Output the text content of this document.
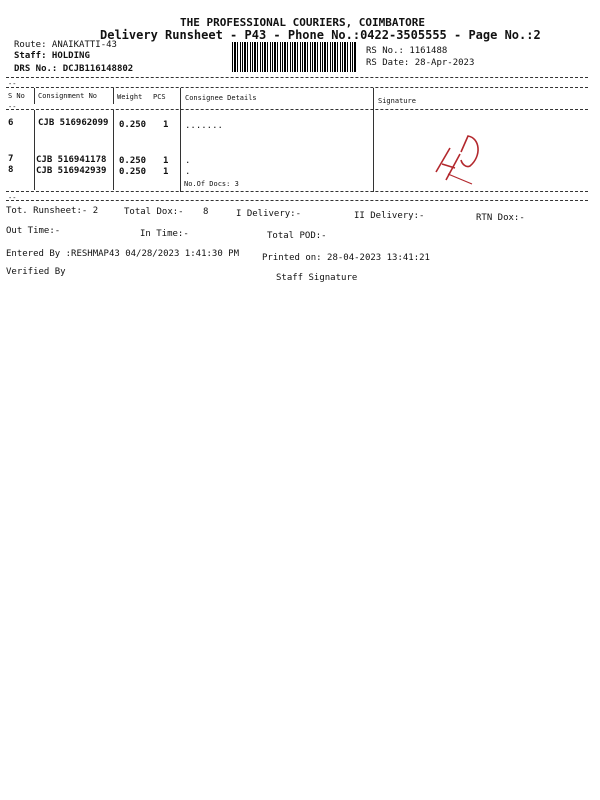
THE PROFESSIONAL COURIERS, COIMBATORE
Delivery Runsheet - P43 - Phone No.:0422-3505555 - Page No.:2
Route: ANAIKATTI-43
Staff: HOLDING
DRS No.: DCJB116148802
RS No.: 1161488
RS Date: 28-Apr-2023
--
S No Consignment No	Weight PCS	Consignee Details	Signature
--
6	CJB 516962099 0.250 1 .......
7	CJB 516941178 0.250 1 .
8	CJB 516942939 0.250 1 .
No.Of Docs: 3
--
Tot. Runsheet:- 2	Total Dox:- 8	I Delivery:-	II Delivery:-	RTN Dox:-
Out Time:-	In Time:-	Total POD:-
Entered By :RESHMAP43 04/28/2023 1:41:30 PM	Printed on: 28-04-2023 13:41:21
Verified By
Staff Signature
